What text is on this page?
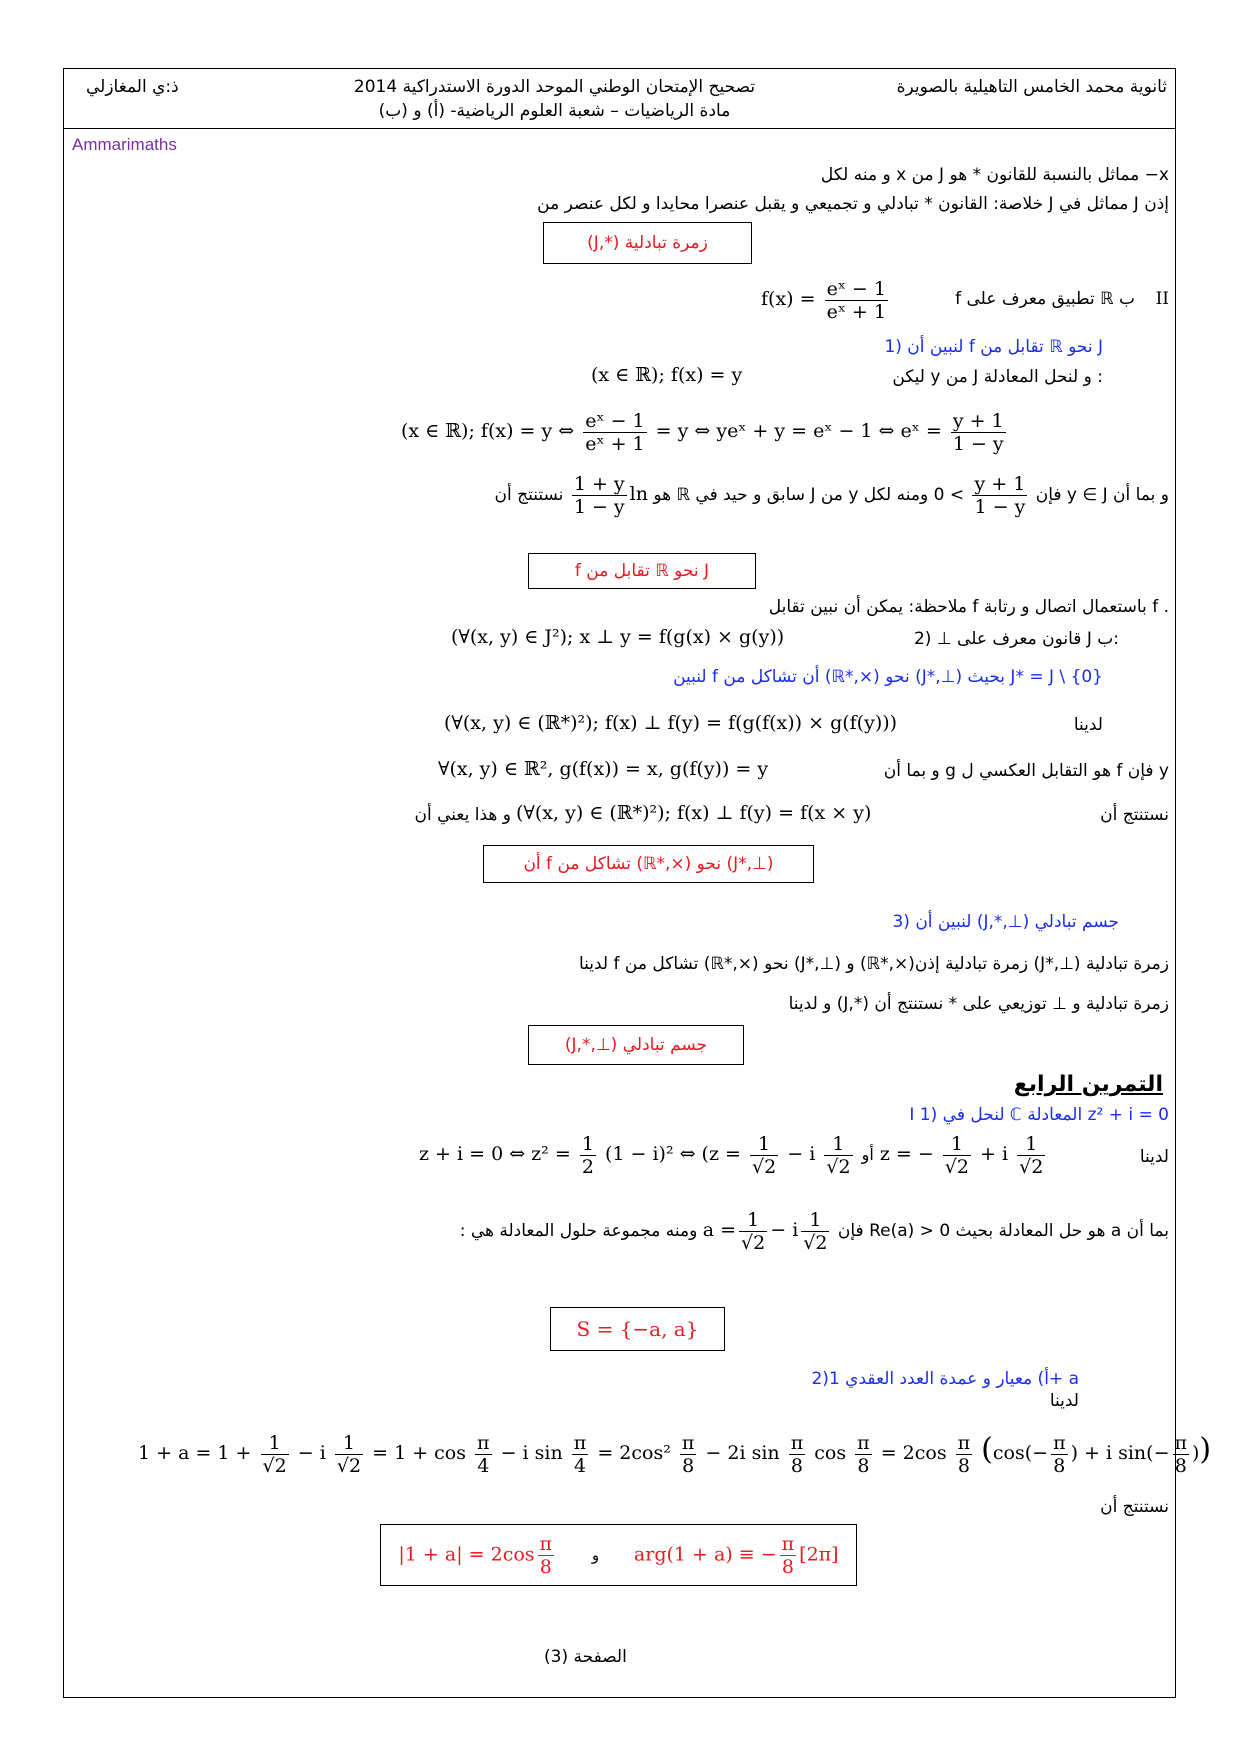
ثانوية محمد الخامس التاهيلية بالصويرة
تصحيح الإمتحان الوطني الموحد الدورة الاستدراكية 2014
مادة الرياضيات – شعبة العلوم الرياضية- (أ) و (ب)
ذ:ي المغازلي
Ammarimaths
و منه لكل x من J مماثل بالنسبة للقانون * هو −x
خلاصة: القانون * تبادلي و تجميعي و يقبل عنصرا محايدا و لكل عنصر من J مماثل في J إذن
(J,*) زمرة تبادلية
II
f تطبيق معرف على ℝ ب
$f(x) = \frac{\text{eˣ − 1}}{\text{eˣ + 1}}$
1) لنبين أن f تقابل من ℝ نحو J
(x ∈ ℝ); f(x) = y	ليكن y من J و لنحل المعادلة :
(x ∈ ℝ); f(x) = y ⇔ $\frac{\text{eˣ − 1}}{\text{eˣ + 1}} = y$ ⇔ yeˣ + y = eˣ − 1 ⇔ eˣ = $\frac{y + 1}{1 - y}$
و بما أن y ∈ J فإن
$\frac{y + 1}{1 - y}$
> 0 ومنه لكل y من J سابق و حيد في ℝ هو ln
$\frac{1 + y}{1 - y}$
نستنتج أن
f تقابل من ℝ نحو J
ملاحظة: يمكن أن نبين تقابل f باستعمال اتصال و رتابة f .
(∀(x, y) ∈ J²); x ⊥ y = f(g(x) × g(y))	2) ⊥ قانون معرف على J ب:
لنبين f أن تشاكل من (ℝ*,×) نحو (J*,⊥) بحيث J* = J \ {0}
(∀(x, y) ∈ (ℝ*)²); f(x) ⊥ f(y) = f(g(f(x)) × g(f(y)))	لدينا
∀(x, y) ∈ ℝ², g(f(x)) = x, g(f(y)) = y	و بما أن g هو التقابل العكسي ل f فإن y
(∀(x, y) ∈ (ℝ*)²); f(x) ⊥ f(y) = f(x × y)	نستنتج أن
و هذا يعني أن
أن f تشاكل من (ℝ*,×) نحو (J*,⊥)
3) لنبين أن (J,*,⊥) جسم تبادلي
لدينا f تشاكل من (ℝ*,×) نحو (J*,⊥) و (ℝ*,×)زمرة تبادلية إذن (J*,⊥) زمرة تبادلية
و لدينا (J,*) زمرة تبادلية و ⊥ توزيعي على * نستنتج أن
(J,*,⊥) جسم تبادلي
التمرين الرابع
I 1) لنحل في ℂ المعادلة z² + i = 0
z + i = 0 ⇔ $z^2 = \frac{1}{2} (1 - i)^2$ ⇔ ($z = \frac{1}{√2} - i \frac{1}{√2}$ أو z = − $\frac{1}{√2} + i \frac{1}{√2}$	لدينا
بما أن a هو حل المعادلة بحيث Re(a) > 0 فإن $a = \frac{1}{√2} - i \frac{1}{√2}$
ومنه مجموعة حلول المعادلة هي :
S = {−a, a}
2)أ) معيار و عمدة العدد العقدي 1+ a
لدينا
$1 + a = 1 + \frac{1}{√2} - i \frac{1}{√2} = 1 + \cos \frac{\pi}{4} - i$ $\sin \frac{\pi}{4} = 2\cos^2 \frac{\pi}{8} - 2i$ $\sin \frac{\pi}{8}$ $\cos \frac{\pi}{8} = 2\cos \frac{\pi}{8} (\cos(- \frac{\pi}{8}$ ) + i $\sin(- \frac{\pi}{8}$ ))
نستنتج أن
$|1 + a| = 2\cos \frac{\pi}{8}$	و arg(1 + a) ≡ − $\frac{\pi}{8} [2\pi]$
الصفحة (3)
